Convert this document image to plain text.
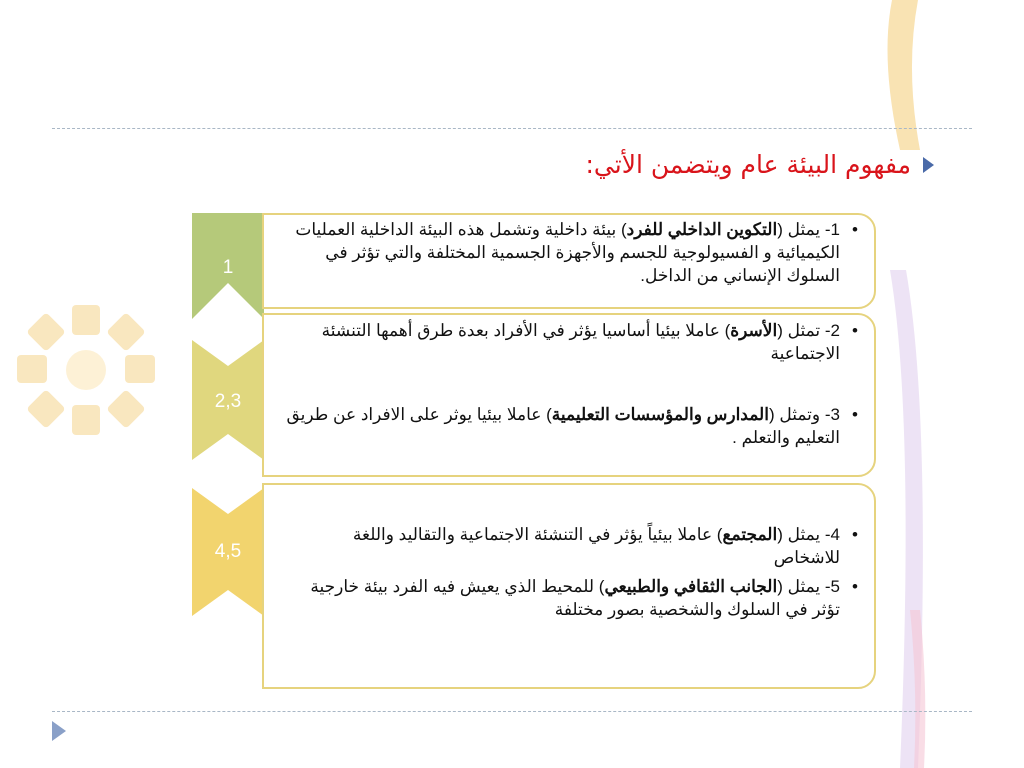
مفهوم البيئة عام ويتضمن الأتي:
1
2,3
4,5
• 1- يمثل (التكوين الداخلي للفرد) بيئة داخلية وتشمل هذه البيئة الداخلية العمليات الكيميائية و الفسيولوجية للجسم والأجهزة الجسمية المختلفة والتي تؤثر في السلوك الإنساني من الداخل.
• 2- تمثل (الأسرة) عاملا بيئيا أساسيا يؤثر في الأفراد بعدة طرق أهمها التنشئة الاجتماعية
• 3- وتمثل (المدارس والمؤسسات التعليمية) عاملا بيئيا يوثر على الافراد عن طريق التعليم والتعلم .
• 4- يمثل (المجتمع) عاملا بيئياً يؤثر في التنشئة الاجتماعية والتقاليد واللغة للاشخاص
• 5- يمثل (الجانب الثقافي والطبيعي) للمحيط الذي يعيش فيه الفرد بيئة خارجية تؤثر في السلوك والشخصية بصور مختلفة
